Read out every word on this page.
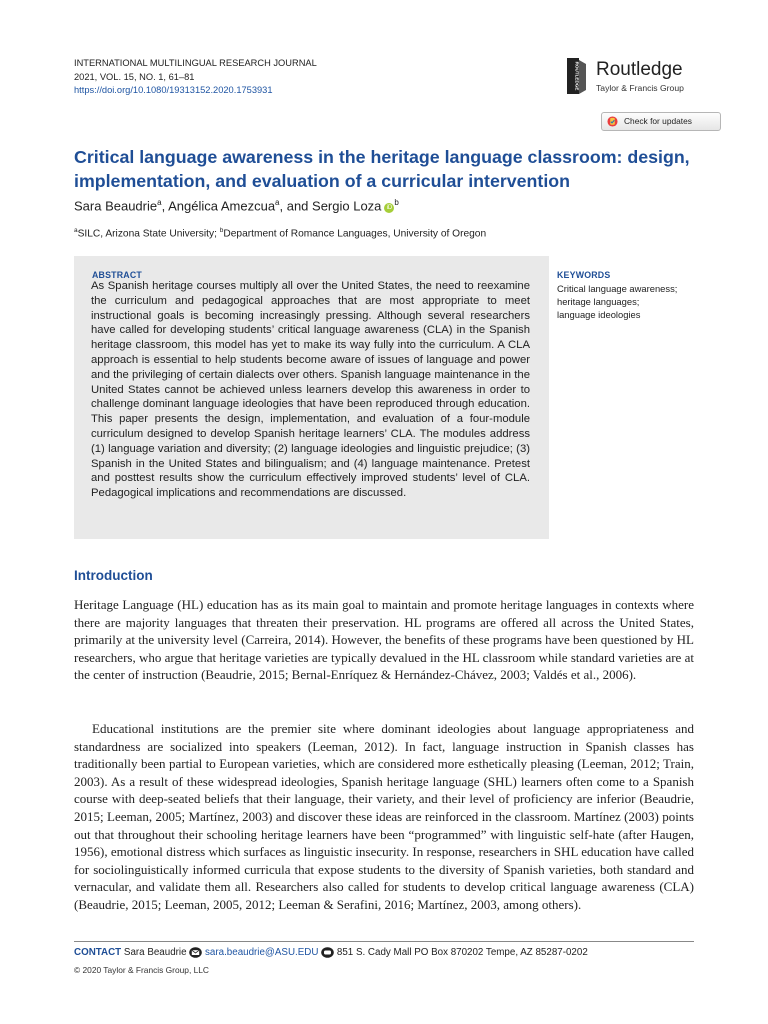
INTERNATIONAL MULTILINGUAL RESEARCH JOURNAL
2021, VOL. 15, NO. 1, 61–81
https://doi.org/10.1080/19313152.2020.1753931	ROUTLEDGE Routledge
Taylor & Francis Group
Check for updates
Critical language awareness in the heritage language classroom: design, implementation, and evaluation of a curricular intervention
Sara Beaudrie$^a$, Angélica Amezcua$^a$, and Sergio Loza $iD^b$
$^a$SILC, Arizona State University; $^b$Department of Romance Languages, University of Oregon
ABSTRACT
As Spanish heritage courses multiply all over the United States, the need to reexamine the curriculum and pedagogical approaches that are most appropriate to meet instructional goals is becoming increasingly pressing. Although several researchers have called for developing students’ critical language awareness (CLA) in the Spanish heritage classroom, this model has yet to make its way fully into the curriculum. A CLA approach is essential to help students become aware of issues of language and power and the privileging of certain dialects over others. Spanish language maintenance in the United States cannot be achieved unless learners develop this awareness in order to challenge dominant language ideologies that have been reproduced through education. This paper presents the design, implementation, and evaluation of a four-module curriculum designed to develop Spanish heritage learners’ CLA. The modules address (1) language variation and diversity; (2) language ideologies and linguistic prejudice; (3) Spanish in the United States and bilingualism; and (4) language maintenance. Pretest and posttest results show the curriculum effectively improved students’ level of CLA. Pedagogical implications and recommendations are discussed.
KEYWORDS
Critical language awareness;
heritage languages;
language ideologies
Introduction

Heritage Language (HL) education has as its main goal to maintain and promote heritage languages in contexts where there are majority languages that threaten their preservation. HL programs are offered all across the United States, primarily at the university level (Carreira, 2014). However, the benefits of these programs have been questioned by HL researchers, who argue that heritage varieties are typically devalued in the HL classroom while standard varieties are at the center of instruction (Beaudrie, 2015; Bernal-Enríquez & Hernández-Chávez, 2003; Valdés et al., 2006).

Educational institutions are the premier site where dominant ideologies about language appropriateness and standardness are socialized into speakers (Leeman, 2012). In fact, language instruction in Spanish classes has traditionally been partial to European varieties, which are considered more esthetically pleasing (Leeman, 2012; Train, 2003). As a result of these widespread ideologies, Spanish heritage language (SHL) learners often come to a Spanish course with deep-seated beliefs that their language, their variety, and their level of proficiency are inferior (Beaudrie, 2015; Leeman, 2005; Martínez, 2003) and discover these ideas are reinforced in the classroom. Martínez (2003) points out that throughout their schooling heritage learners have been “programmed” with linguistic self-hate (after Haugen, 1956), emotional distress which surfaces as linguistic insecurity. In response, researchers in SHL education have called for sociolinguistically informed curricula that expose students to the diversity of Spanish varieties, both standard and vernacular, and validate them all. Researchers also called for students to develop critical language awareness (CLA) (Beaudrie, 2015; Leeman, 2005, 2012; Leeman & Serafini, 2016; Martínez, 2003, among others).

CONTACT Sara Beaudrie sara.beaudrie@ASU.EDU 851 S. Cady Mall PO Box 870202 Tempe, AZ 85287-0202
© 2020 Taylor & Francis Group, LLC
